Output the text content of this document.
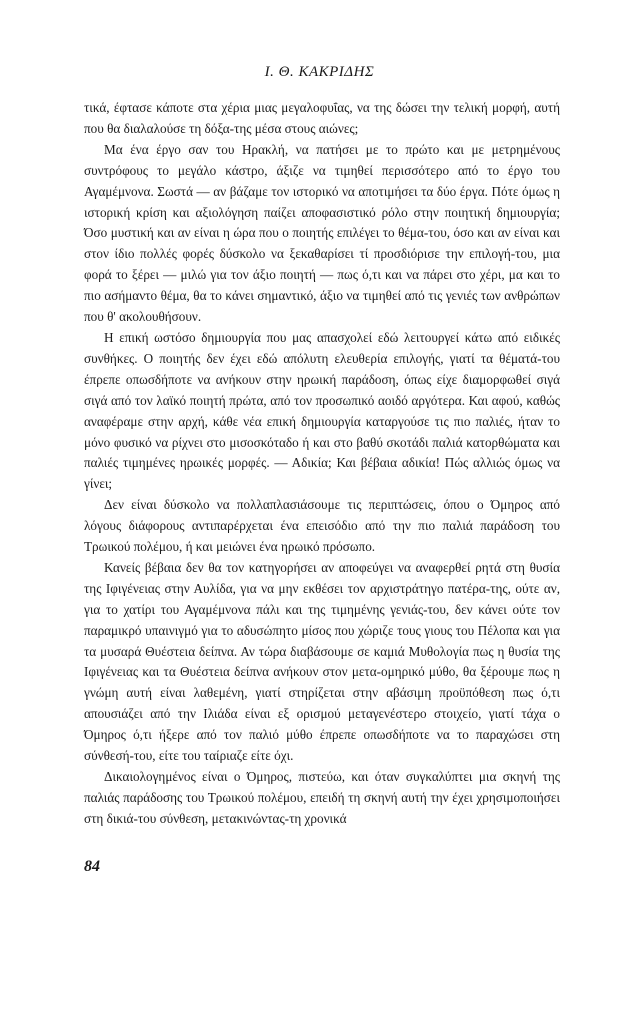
Ι. Θ. ΚΑΚΡΙΔΗΣ

τικά, έφτασε κάποτε στα χέρια μιας μεγαλοφυΐας, να της δώσει την τελική μορφή, αυτή που θα διαλαλούσε τη δόξα-της μέσα στους αιώνες;

Μα ένα έργο σαν του Ηρακλή, να πατήσει με το πρώτο και με μετρημένους συντρόφους το μεγάλο κάστρο, άξιζε να τιμηθεί περισσότερο από το έργο του Αγαμέμνονα. Σωστά — αν βάζαμε τον ιστορικό να αποτιμήσει τα δύο έργα. Πότε όμως η ιστορική κρίση και αξιολόγηση παίζει αποφασιστικό ρόλο στην ποιητική δημιουργία; Όσο μυστική και αν είναι η ώρα που ο ποιητής επιλέγει το θέμα-του, όσο και αν είναι και στον ίδιο πολλές φορές δύσκολο να ξεκαθαρίσει τί προσδιόρισε την επιλογή-του, μια φορά το ξέρει — μιλώ για τον άξιο ποιητή — πως ό,τι και να πάρει στο χέρι, μα και το πιο ασήμαντο θέμα, θα το κάνει σημαντικό, άξιο να τιμηθεί από τις γενιές των ανθρώπων που θ' ακολουθήσουν.

Η επική ωστόσο δημιουργία που μας απασχολεί εδώ λειτουργεί κάτω από ειδικές συνθήκες. Ο ποιητής δεν έχει εδώ απόλυτη ελευθερία επιλογής, γιατί τα θέματά-του έπρεπε οπωσδήποτε να ανήκουν στην ηρωική παράδοση, όπως είχε διαμορφωθεί σιγά σιγά από τον λαϊκό ποιητή πρώτα, από τον προσωπικό αοιδό αργότερα. Και αφού, καθώς αναφέραμε στην αρχή, κάθε νέα επική δημιουργία καταργούσε τις πιο παλιές, ήταν το μόνο φυσικό να ρίχνει στο μισοσκόταδο ή και στο βαθύ σκοτάδι παλιά κατορθώματα και παλιές τιμημένες ηρωικές μορφές. — Αδικία; Και βέβαια αδικία! Πώς αλλιώς όμως να γίνει;

Δεν είναι δύσκολο να πολλαπλασιάσουμε τις περιπτώσεις, όπου ο Όμηρος από λόγους διάφορους αντιπαρέρχεται ένα επεισόδιο από την πιο παλιά παράδοση του Τρωικού πολέμου, ή και μειώνει ένα ηρωικό πρόσωπο.

Κανείς βέβαια δεν θα τον κατηγορήσει αν αποφεύγει να αναφερθεί ρητά στη θυσία της Ιφιγένειας στην Αυλίδα, για να μην εκθέσει τον αρχιστράτηγο πατέρα-της, ούτε αν, για το χατίρι του Αγαμέμνονα πάλι και της τιμημένης γενιάς-του, δεν κάνει ούτε τον παραμικρό υπαινιγμό για το αδυσώπητο μίσος που χώριζε τους γιους του Πέλοπα και για τα μυσαρά Θυέστεια δείπνα. Αν τώρα διαβάσουμε σε καμιά Μυθολογία πως η θυσία της Ιφιγένειας και τα Θυέστεια δείπνα ανήκουν στον μετα-ομηρικό μύθο, θα ξέρουμε πως η γνώμη αυτή είναι λαθεμένη, γιατί στηρίζεται στην αβάσιμη προϋπόθεση πως ό,τι απουσιάζει από την Ιλιάδα είναι εξ ορισμού μεταγενέστερο στοιχείο, γιατί τάχα ο Όμηρος ό,τι ήξερε από τον παλιό μύθο έπρεπε οπωσδήποτε να το παραχώσει στη σύνθεσή-του, είτε του ταίριαζε είτε όχι.

Δικαιολογημένος είναι ο Όμηρος, πιστεύω, και όταν συγκαλύπτει μια σκηνή της παλιάς παράδοσης του Τρωικού πολέμου, επειδή τη σκηνή αυτή την έχει χρησιμοποιήσει στη δικιά-του σύνθεση, μετακινώντας-τη χρονικά

84
